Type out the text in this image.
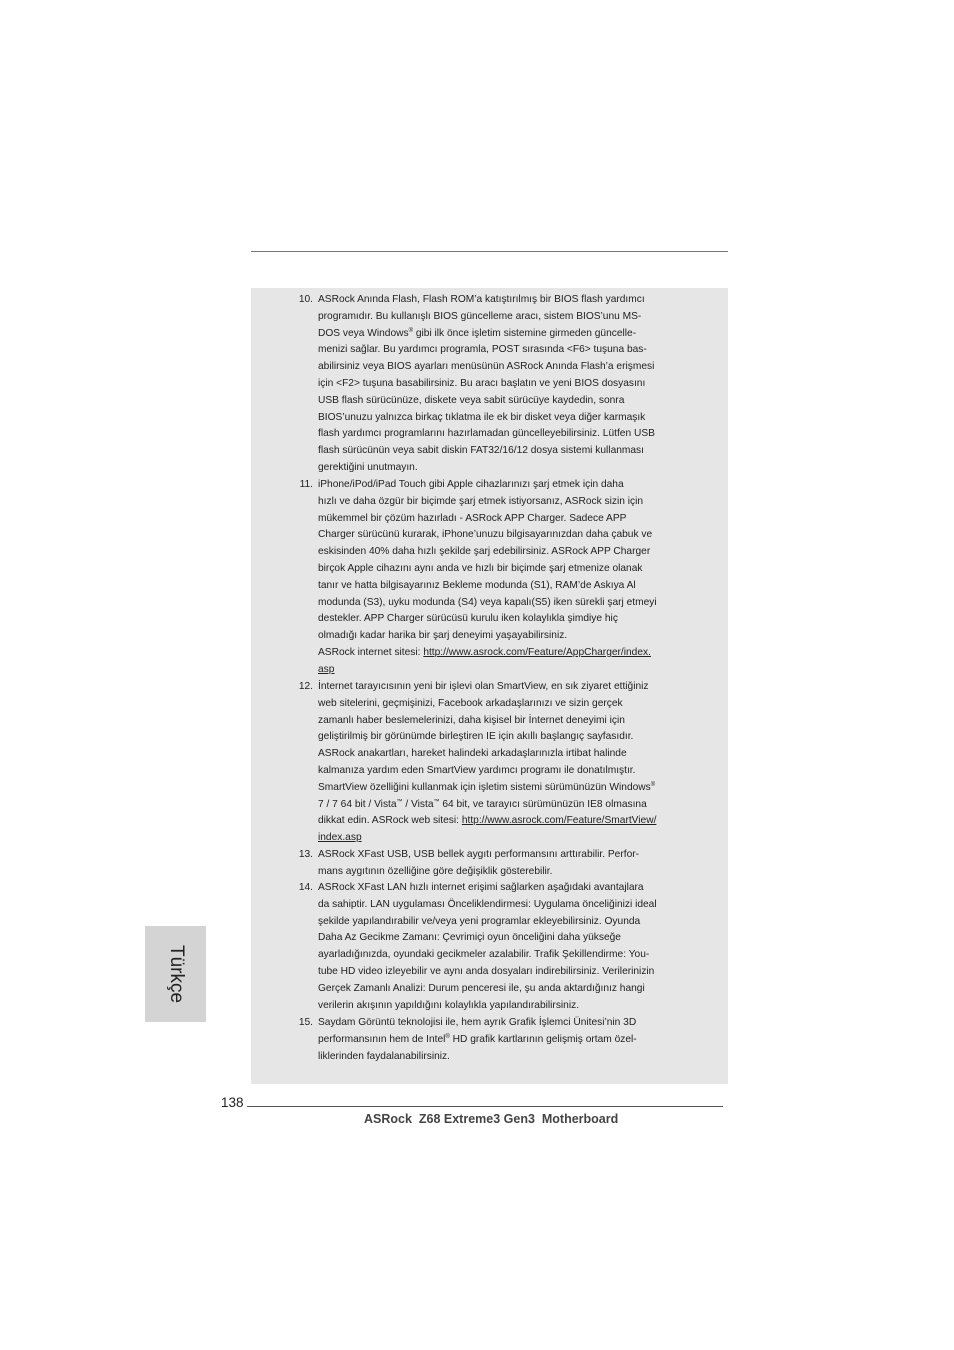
10. ASRock Anında Flash, Flash ROM’a katıştırılmış bir BIOS flash yardımcı
programıdır. Bu kullanışlı BIOS güncelleme aracı, sistem BIOS’unu MS-
DOS veya Windows® gibi ilk önce işletim sistemine girmeden güncelle-
menizi sağlar. Bu yardımcı programla, POST sırasında <F6> tuşuna bas-
abilirsiniz veya BIOS ayarları menüsünün ASRock Anında Flash’a erişmesi
için <F2> tuşuna basabilirsiniz. Bu aracı başlatın ve yeni BIOS dosyasını
USB flash sürücünüze, diskete veya sabit sürücüye kaydedin, sonra
BIOS’unuzu yalnızca birkaç tıklatma ile ek bir disket veya diğer karmaşık
flash yardımcı programlarını hazırlamadan güncelleyebilirsiniz. Lütfen USB
flash sürücünün veya sabit diskin FAT32/16/12 dosya sistemi kullanması
gerektiğini unutmayın.
11. iPhone/iPod/iPad Touch gibi Apple cihazlarınızı şarj etmek için daha
hızlı ve daha özgür bir biçimde şarj etmek istiyorsanız, ASRock sizin için
mükemmel bir çözüm hazırladı - ASRock APP Charger. Sadece APP
Charger sürücünü kurarak, iPhone’unuzu bilgisayarınızdan daha çabuk ve
eskisinden 40% daha hızlı şekilde şarj edebilirsiniz. ASRock APP Charger
birçok Apple cihazını aynı anda ve hızlı bir biçimde şarj etmenize olanak
tanır ve hatta bilgisayarınız Bekleme modunda (S1), RAM’de Askıya Al
modunda (S3), uyku modunda (S4) veya kapalı(S5) iken sürekli şarj etmeyi
destekler. APP Charger sürücüsü kurulu iken kolaylıkla şimdiye hiç
olmadığı kadar harika bir şarj deneyimi yaşayabilirsiniz.
ASRock internet sitesi: http://www.asrock.com/Feature/AppCharger/index.
asp
12. İnternet tarayıcısının yeni bir işlevi olan SmartView, en sık ziyaret ettiğiniz
web sitelerini, geçmişinizi, Facebook arkadaşlarınızı ve sizin gerçek
zamanlı haber beslemelerinizi, daha kişisel bir İnternet deneyimi için
geliştirilmiş bir görünümde birleştiren IE için akıllı başlangıç sayfasıdır.
ASRock anakartları, hareket halindeki arkadaşlarınızla irtibat halinde
kalmanıza yardım eden SmartView yardımcı programı ile donatılmıştır.
SmartView özelliğini kullanmak için işletim sistemi sürümünüzün Windows®
7 / 7 64 bit / Vista™ / Vista™ 64 bit, ve tarayıcı sürümünüzün IE8 olmasına
dikkat edin. ASRock web sitesi: http://www.asrock.com/Feature/SmartView/
index.asp
13. ASRock XFast USB, USB bellek aygıtı performansını arttırabilir. Perfor-
mans aygıtının özelliğine göre değişiklik gösterebilir.
14. ASRock XFast LAN hızlı internet erişimi sağlarken aşağıdaki avantajlara
da sahiptir. LAN uygulaması Önceliklendirmesi: Uygulama önceliğinizi ideal
şekilde yapılandırabilir ve/veya yeni programlar ekleyebilirsiniz. Oyunda
Daha Az Gecikme Zamanı: Çevrimiçi oyun önceliğini daha yükseğe
ayarladığınızda, oyundaki gecikmeler azalabilir. Trafik Şekillendirme: You-
tube HD video izleyebilir ve aynı anda dosyaları indirebilirsiniz. Verilerinizin
Gerçek Zamanlı Analizi: Durum penceresi ile, şu anda aktardığınız hangi
verilerin akışının yapıldığını kolaylıkla yapılandırabilirsiniz.
15. Saydam Görüntü teknolojisi ile, hem ayrık Grafik İşlemci Ünitesi’nin 3D
performansının hem de Intel® HD grafik kartlarının gelişmiş ortam özel-
liklerinden faydalanabilirsiniz.
Türkçe
138
ASRock  Z68 Extreme3 Gen3  Motherboard
